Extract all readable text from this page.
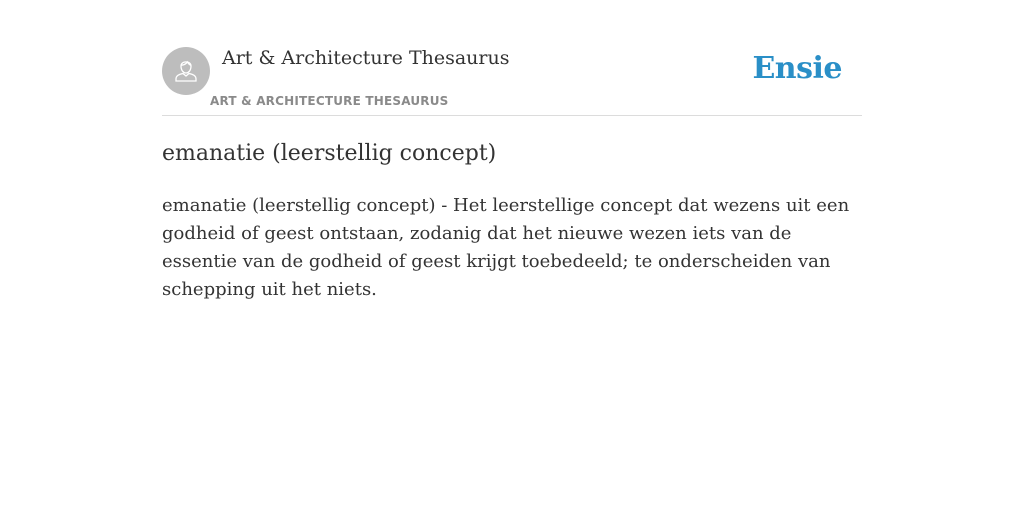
Art & Architecture Thesaurus
ART & ARCHITECTURE THESAURUS
Ensie
emanatie (leerstellig concept)

emanatie (leerstellig concept) - Het leerstellige concept dat wezens uit een godheid of geest ontstaan, zodanig dat het nieuwe wezen iets van de essentie van de godheid of geest krijgt toebedeeld; te onderscheiden van schepping uit het niets.
